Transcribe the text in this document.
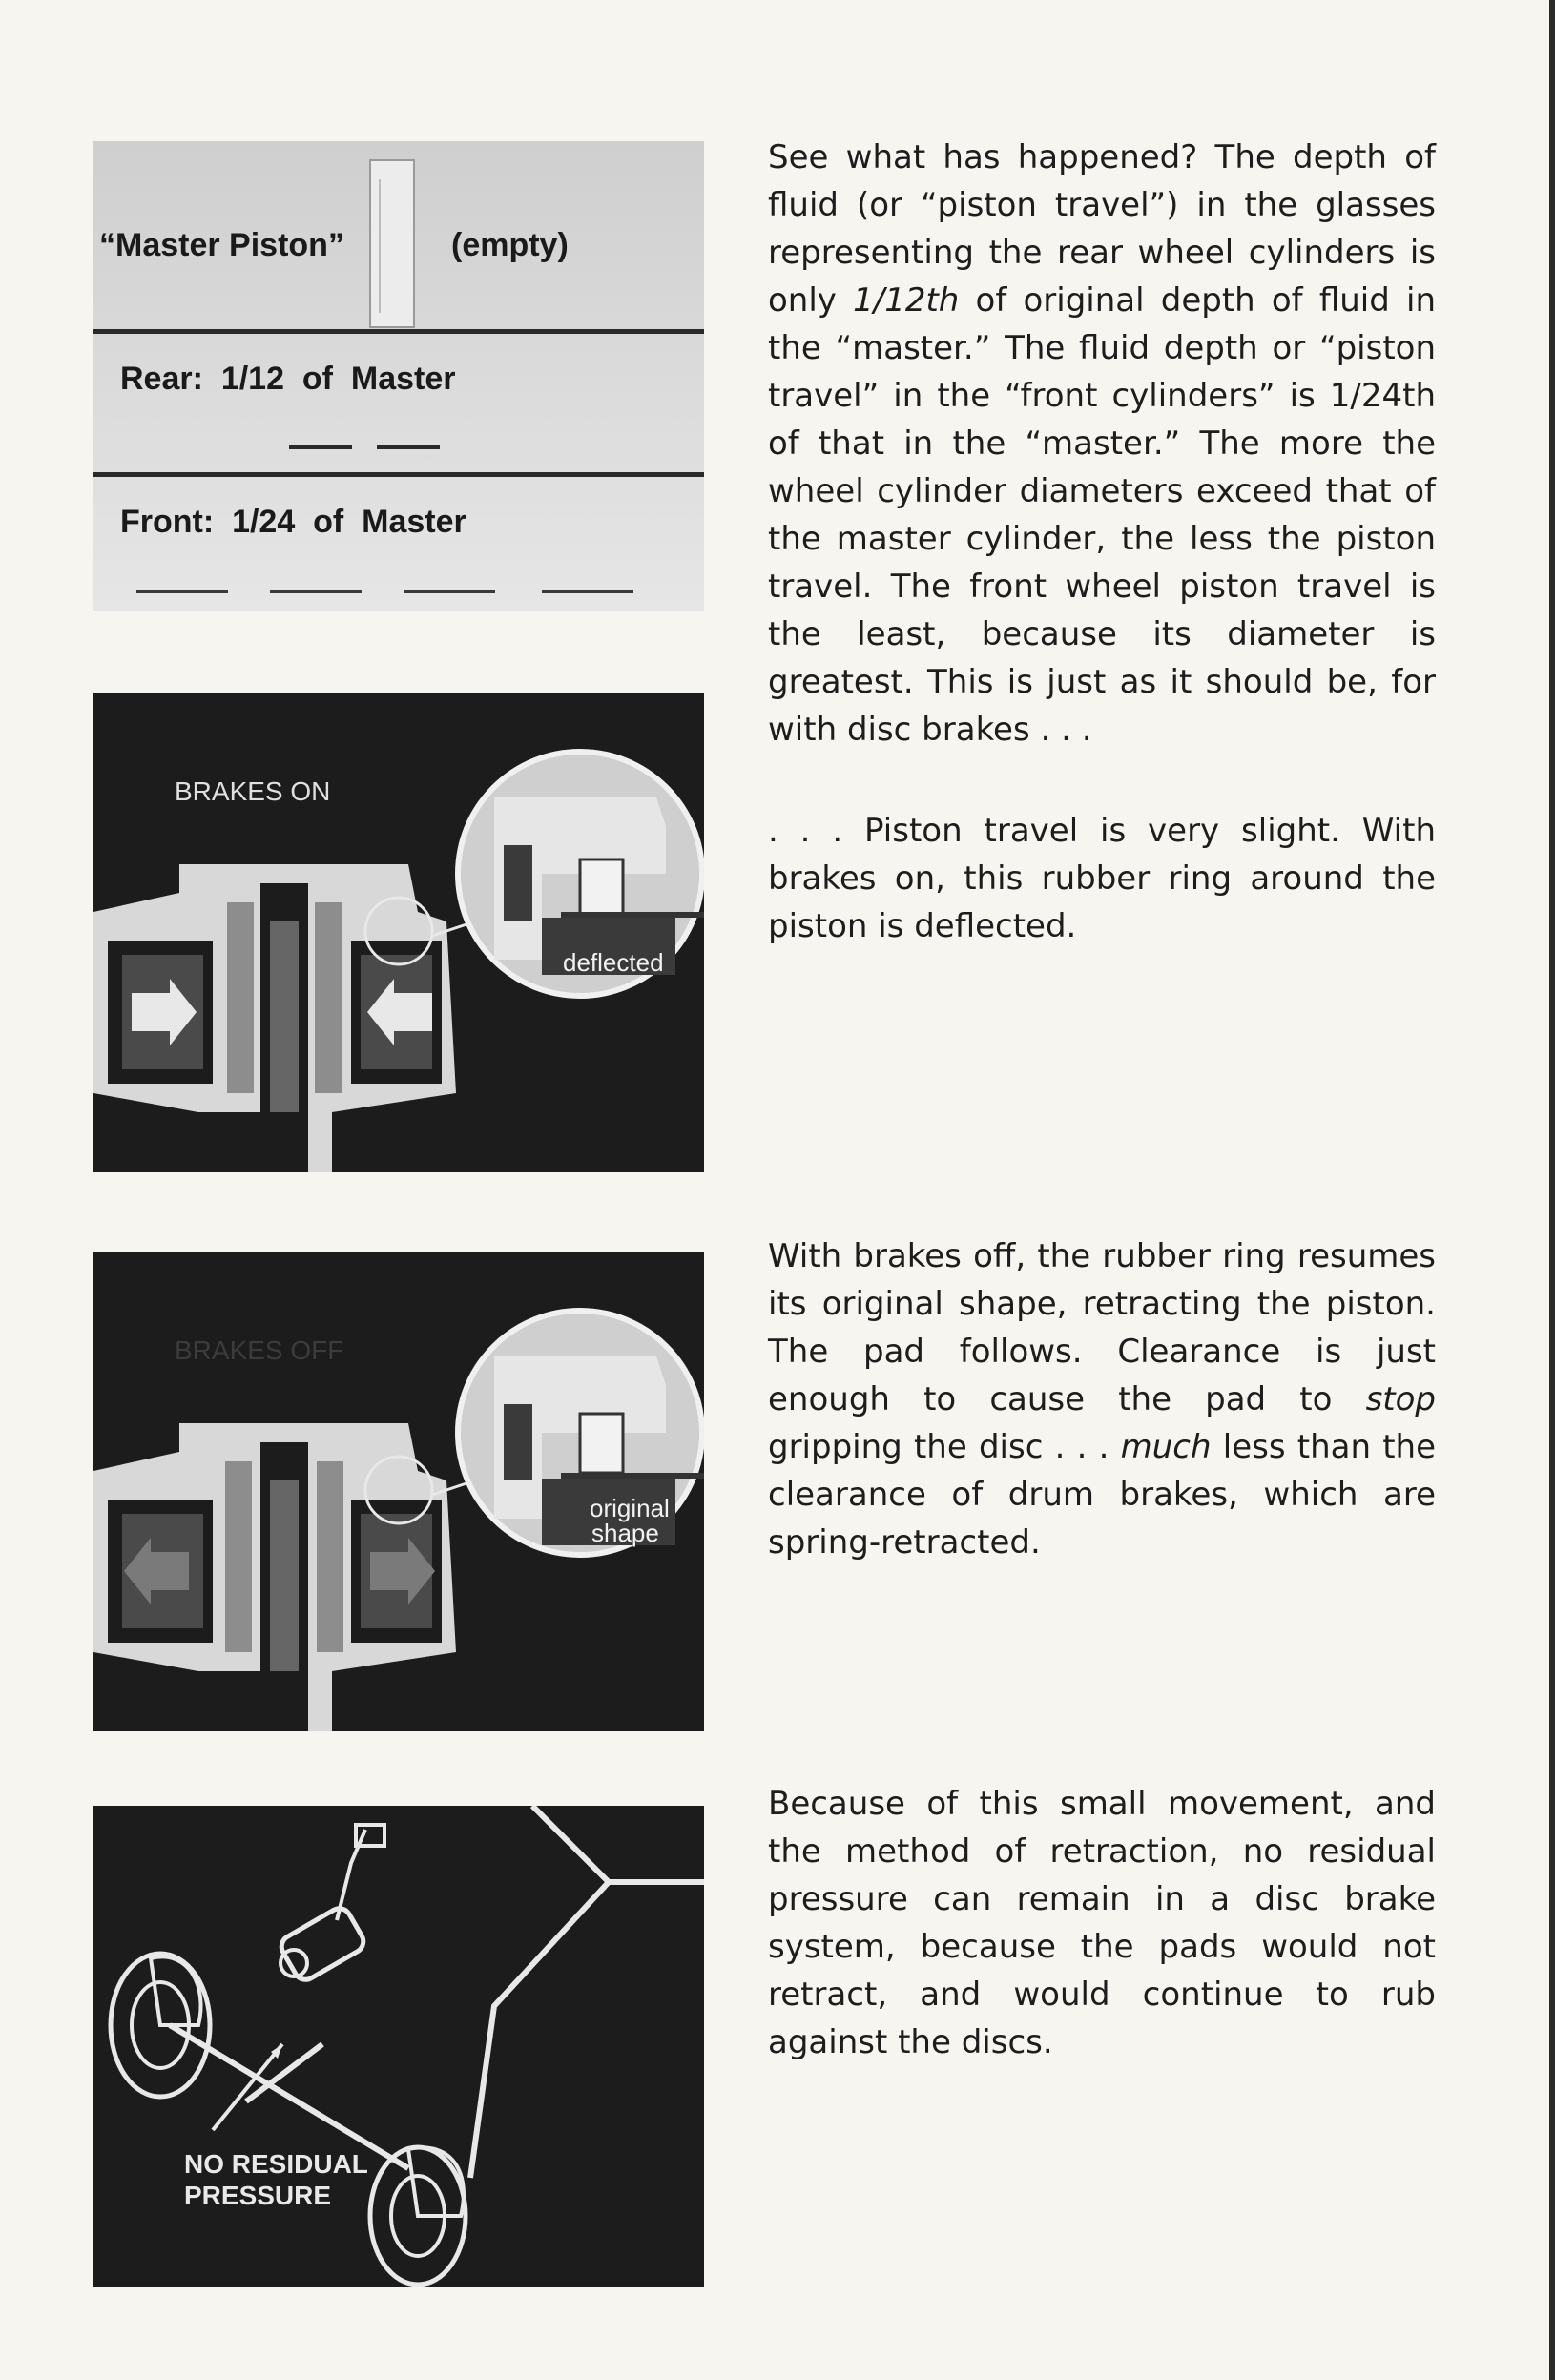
“Master Piston”	(empty)
Rear:  1/12  of  Master
Front:  1/24  of  Master

See what has happened? The depth of fluid (or “piston travel”) in the glasses representing the rear wheel cylinders is only 1/12th of original depth of fluid in the “master.” The fluid depth or “piston travel” in the “front cylinders” is 1/24th of that in the “master.” The more the wheel cylinder diameters exceed that of the master cylinder, the less the piston travel. The front wheel piston travel is the least, because its diameter is greatest. This is just as it should be, for with disc brakes . . .

deflected
BRAKES ON

. . . Piston travel is very slight. With brakes on, this rubber ring around the piston is deflected.

original
shape
BRAKES OFF

With brakes off, the rubber ring resumes its original shape, retracting the piston. The pad follows. Clearance is just enough to cause the pad to stop gripping the disc . . . much less than the clearance of drum brakes, which are spring-retracted.

NO RESIDUAL
PRESSURE

Because of this small movement, and the method of retraction, no residual pressure can remain in a disc brake system, because the pads would not retract, and would continue to rub against the discs.
